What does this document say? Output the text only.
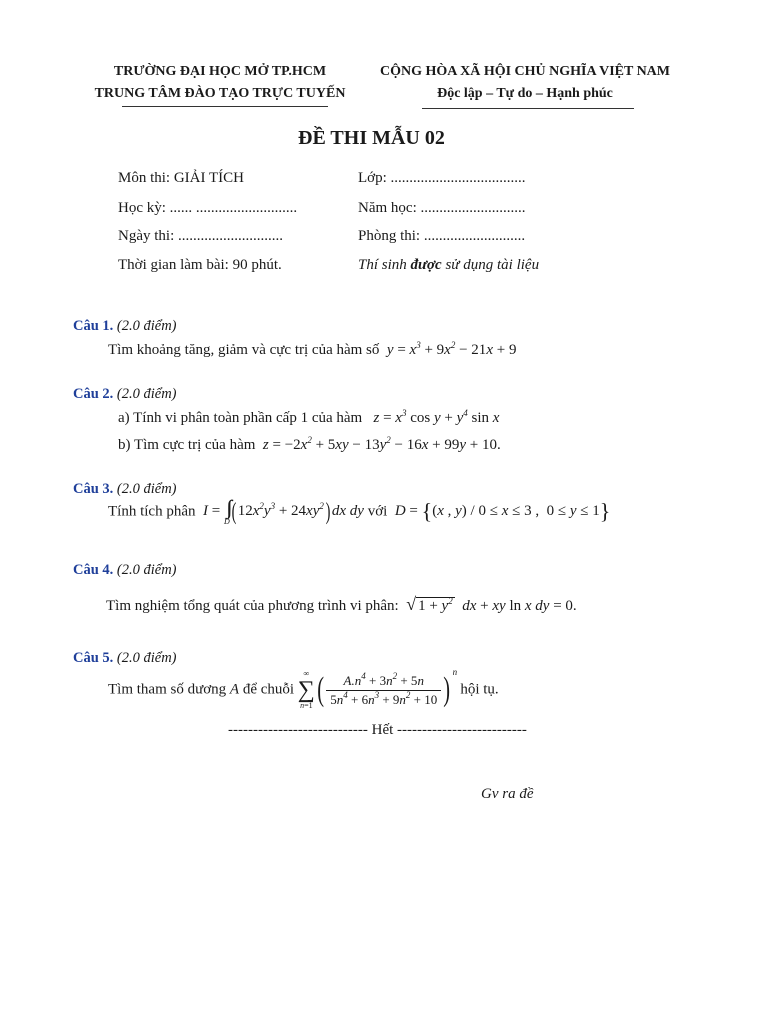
TRƯỜNG ĐẠI HỌC MỞ TP.HCM
TRUNG TÂM ĐÀO TẠO TRỰC TUYẾN
CỘNG HÒA XÃ HỘI CHỦ NGHĨA VIỆT NAM
Độc lập – Tự do – Hạnh phúc
ĐỀ THI MẪU 02
Môn thi: GIẢI TÍCH	Lớp: ....................................
Học kỳ: ...... ...........................	Năm học: ............................
Ngày thi: ............................	Phòng thi: ...........................
Thời gian làm bài: 90 phút.	Thí sinh được sử dụng tài liệu
Câu 1. (2.0 điểm)
Tìm khoảng tăng, giảm và cực trị của hàm số  $y = x^3 + 9x^2 - 21x + 9$
Câu 2. (2.0 điểm)
a) Tính vi phân toàn phần cấp 1 của hàm   $z = x^3$ $\cos y + y^4$ sin x
b) Tìm cực trị của hàm  $z = -2x^2 + 5xy - 13y^2 - 16x + 99y + 10$.
Câu 3. (2.0 điểm)
Tính tích phân  I =
D ( $12x^2y^3 + 24xy^2$) dx dy với  D = {(x , y) / 0 ≤ x ≤ 3 ,  0 ≤ y ≤ 1}
Câu 4. (2.0 điểm)
Tìm nghiệm tổng quát của phương trình vi phân: √ $1 + y^2$  dx + xy ln x dy = 0.
Câu 5. (2.0 điểm)
Tìm tham số dương A để chuỗi
∞
∑
n=1 ( $\frac{A.n^4 + 3n^2 + 5n}{5n^4 + 6n^3 + 9n^2 + 10}$ ) $^n$ hội tụ.
---------------------------- Hết --------------------------
Gv ra đề
